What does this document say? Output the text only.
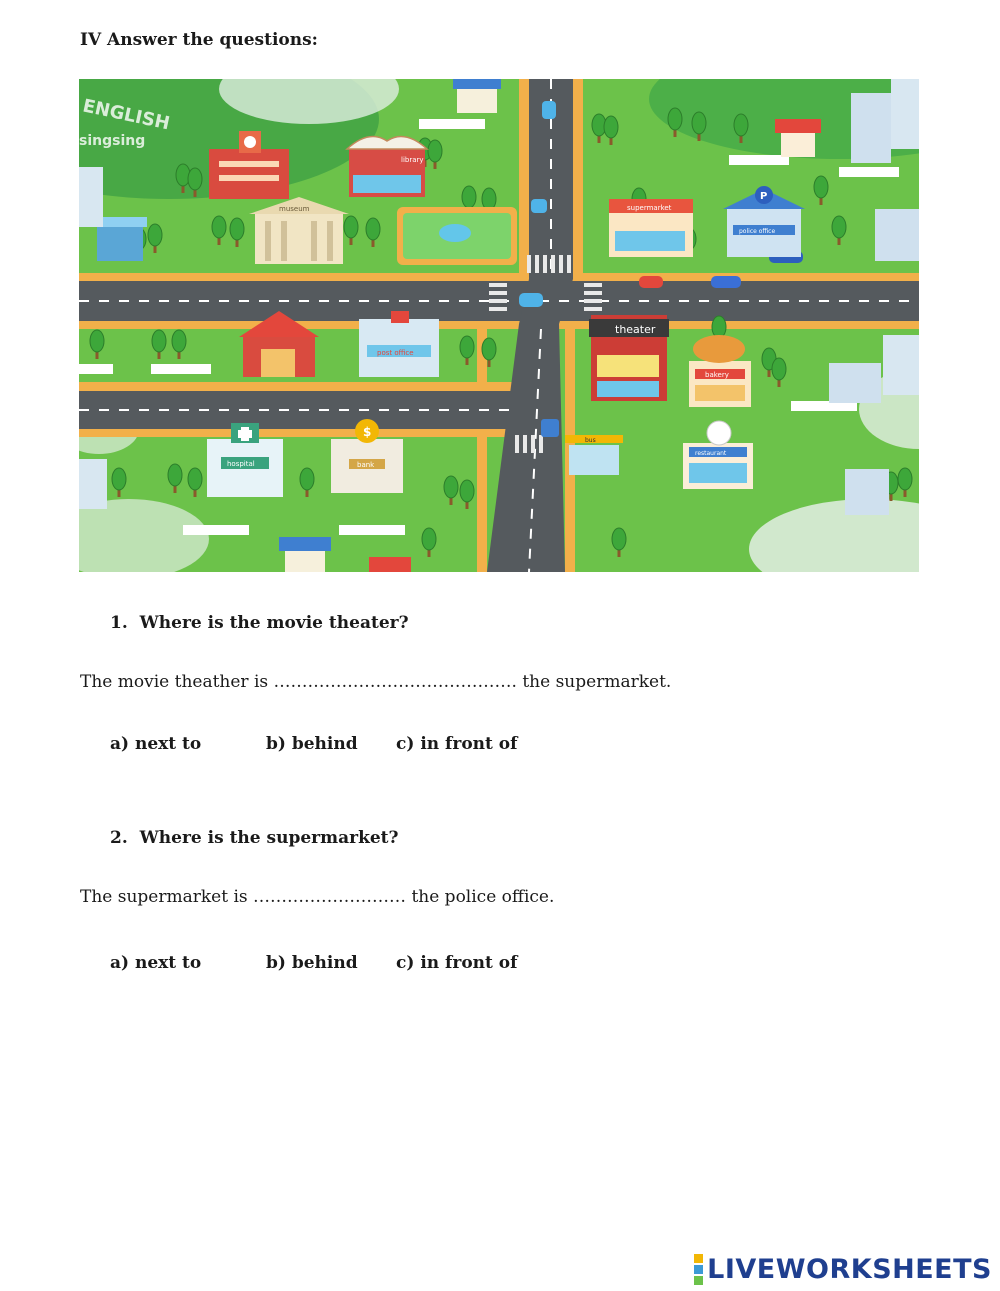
IV Answer the questions:
library
museum	supermarket
P
police office
post office
theater
bakery
hospital
$
bank
bus
restaurant
ENGLISH
singsing
1. Where is the movie theater?
The movie theather is ……………………………………. the supermarket.
a) next to	b) behind c) in front of
2. Where is the supermarket?
The supermarket is ……………………… the police office.
a) next to	b) behind c) in front of
LIVEWORKSHEETS
